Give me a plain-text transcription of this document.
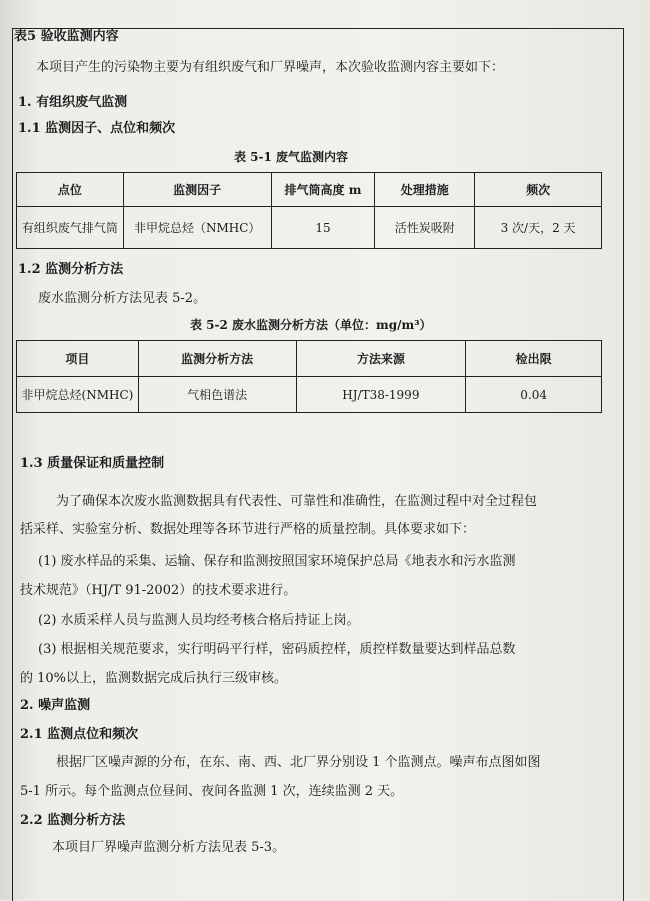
表5 验收监测内容
本项目产生的污染物主要为有组织废气和厂界噪声，本次验收监测内容主要如下：
1. 有组织废气监测
1.1 监测因子、点位和频次
表 5-1 废气监测内容
点位	监测因子	排气筒高度 m	处理措施	频次
有组织废气排气筒	非甲烷总烃（NMHC）	15	活性炭吸附	3 次/天，2 天
1.2 监测分析方法
废水监测分析方法见表 5-2。
表 5-2 废水监测分析方法（单位：mg/m³）
项目	监测分析方法	方法来源	检出限
非甲烷总烃(NMHC)	气相色谱法	HJ/T38-1999	0.04
1.3 质量保证和质量控制
为了确保本次废水监测数据具有代表性、可靠性和准确性，在监测过程中对全过程包
括采样、实验室分析、数据处理等各环节进行严格的质量控制。具体要求如下：
(1) 废水样品的采集、运输、保存和监测按照国家环境保护总局《地表水和污水监测
技术规范》（HJ/T 91-2002）的技术要求进行。
(2) 水质采样人员与监测人员均经考核合格后持证上岗。
(3) 根据相关规范要求，实行明码平行样，密码质控样，质控样数量要达到样品总数
的 10%以上，监测数据完成后执行三级审核。
2. 噪声监测
2.1 监测点位和频次
根据厂区噪声源的分布，在东、南、西、北厂界分别设 1 个监测点。噪声布点图如图
5-1 所示。每个监测点位昼间、夜间各监测 1 次，连续监测 2 天。
2.2 监测分析方法
本项目厂界噪声监测分析方法见表 5-3。
